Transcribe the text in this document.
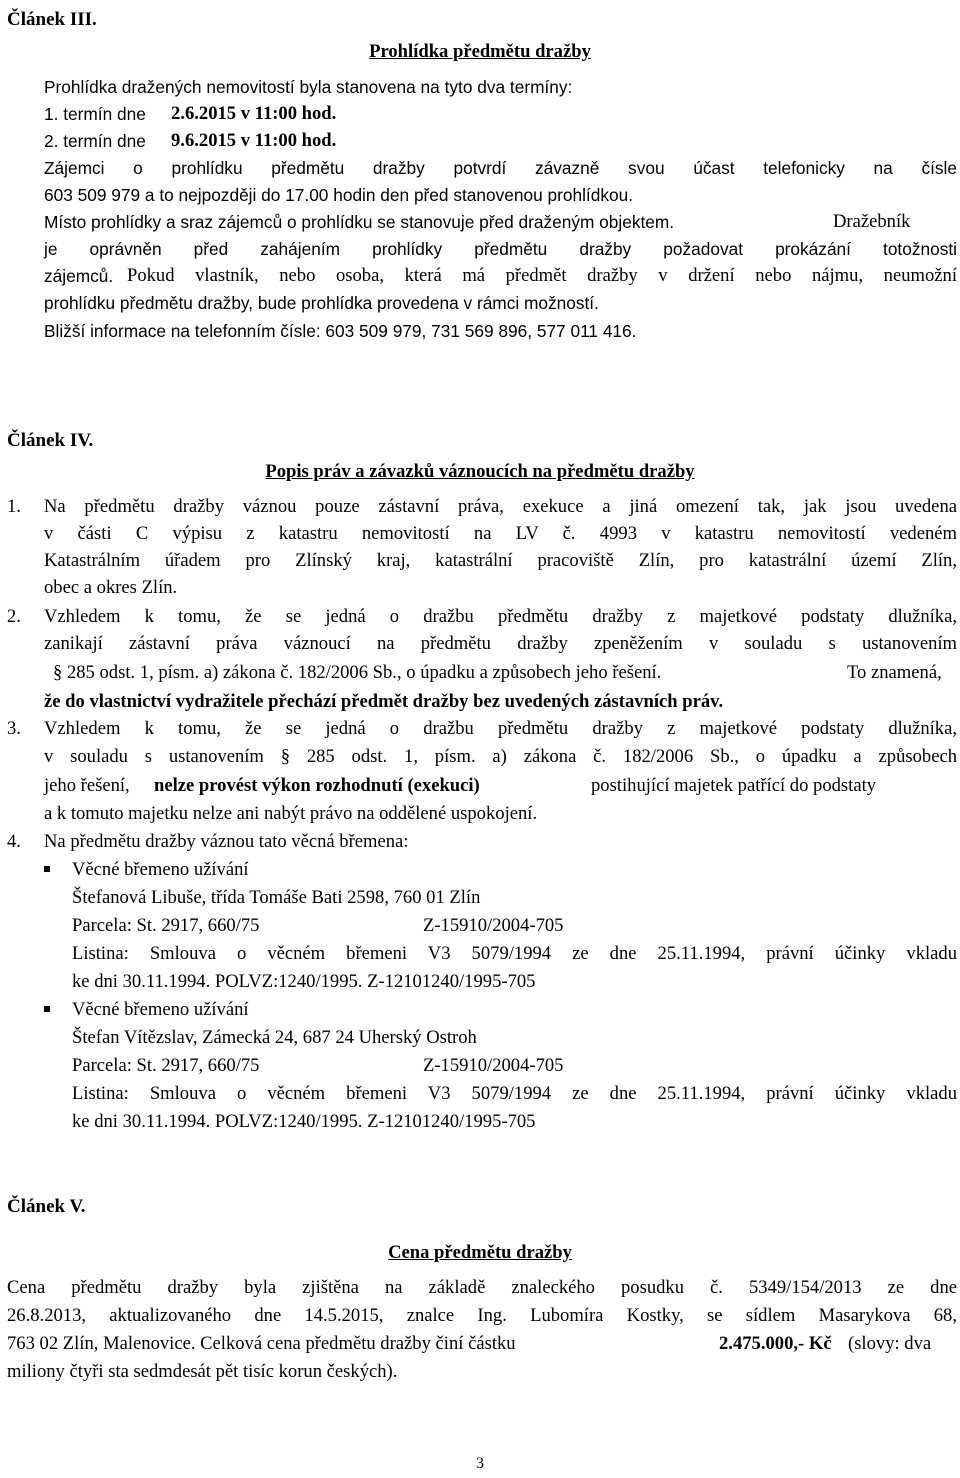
Článek III.
Prohlídka předmětu dražby
Prohlídka dražených nemovitostí byla stanovena na tyto dva termíny:
1. termín dne 2.6.2015 v 11:00 hod.
2. termín dne 9.6.2015 v 11:00 hod.
Zájemci o prohlídku předmětu dražby potvrdí závazně svou účast telefonicky na čísle
603 509 979 a to nejpozději do 17.00 hodin den před stanovenou prohlídkou.
Místo prohlídky a sraz zájemců o prohlídku se stanovuje před draženým objektem.	Dražebník
je oprávněn před zahájením prohlídky předmětu dražby požadovat prokázání totožnosti
zájemců. Pokud vlastník, nebo osoba, která má předmět dražby v držení nebo nájmu, neumožní
prohlídku předmětu dražby, bude prohlídka provedena v rámci možností.
Bližší informace na telefonním čísle: 603 509 979, 731 569 896, 577 011 416.
Článek IV.
Popis práv a závazků váznoucích na předmětu dražby
1. Na předmětu dražby váznou pouze zástavní práva, exekuce a jiná omezení tak, jak jsou uvedena
v části C výpisu z katastru nemovitostí na LV č. 4993 v katastru nemovitostí vedeném
Katastrálním úřadem pro Zlínský kraj, katastrální pracoviště Zlín, pro katastrální území Zlín,
obec a okres Zlín.
2. Vzhledem k tomu, že se jedná o dražbu předmětu dražby z majetkové podstaty dlužníka,
zanikají zástavní práva váznoucí na předmětu dražby zpeněžením v souladu s ustanovením
§ 285 odst. 1, písm. a) zákona č. 182/2006 Sb., o úpadku a způsobech jeho řešení.	To znamená,
že do vlastnictví vydražitele přechází předmět dražby bez uvedených zástavních práv.
3. Vzhledem k tomu, že se jedná o dražbu předmětu dražby z majetkové podstaty dlužníka,
v souladu s ustanovením § 285 odst. 1, písm. a) zákona č. 182/2006 Sb., o úpadku a způsobech
jeho řešení, nelze provést výkon rozhodnutí (exekuci)	postihující majetek patřící do podstaty
a k tomuto majetku nelze ani nabýt právo na oddělené uspokojení.
4. Na předmětu dražby váznou tato věcná břemena:
Věcné břemeno užívání
Štefanová Libuše, třída Tomáše Bati 2598, 760 01 Zlín
Parcela: St. 2917, 660/75	Z-15910/2004-705
Listina: Smlouva o věcném břemeni V3 5079/1994 ze dne 25.11.1994, právní účinky vkladu
ke dni 30.11.1994. POLVZ:1240/1995. Z-12101240/1995-705
Věcné břemeno užívání
Štefan Vítězslav, Zámecká 24, 687 24 Uherský Ostroh
Parcela: St. 2917, 660/75	Z-15910/2004-705
Listina: Smlouva o věcném břemeni V3 5079/1994 ze dne 25.11.1994, právní účinky vkladu
ke dni 30.11.1994. POLVZ:1240/1995. Z-12101240/1995-705
Článek V.
Cena předmětu dražby
Cena předmětu dražby byla zjištěna na základě znaleckého posudku č. 5349/154/2013 ze dne
26.8.2013, aktualizovaného dne 14.5.2015, znalce Ing. Lubomíra Kostky, se sídlem Masarykova 68,
763 02 Zlín, Malenovice. Celková cena předmětu dražby činí částku	2.475.000,- Kč (slovy: dva
miliony čtyři sta sedmdesát pět tisíc korun českých).
3
